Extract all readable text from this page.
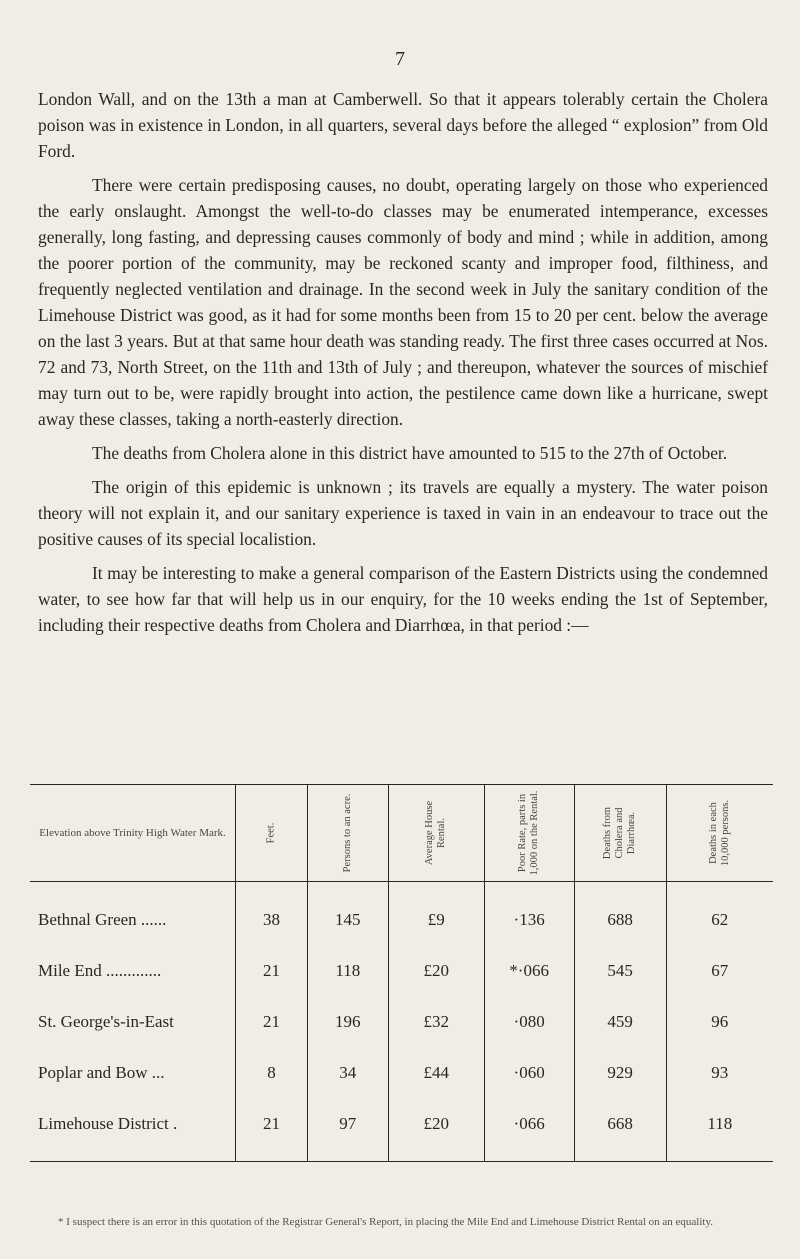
7

London Wall, and on the 13th a man at Camberwell. So that it appears tolerably certain the Cholera poison was in existence in London, in all quarters, several days before the alleged “ explosion” from Old Ford.

There were certain predisposing causes, no doubt, operating largely on those who experienced the early onslaught. Amongst the well-to-do classes may be enumerated intemperance, excesses generally, long fasting, and depressing causes commonly of body and mind ; while in addition, among the poorer portion of the community, may be reckoned scanty and improper food, filthiness, and frequently neglected ventilation and drainage. In the second week in July the sanitary condition of the Limehouse District was good, as it had for some months been from 15 to 20 per cent. below the average on the last 3 years. But at that same hour death was standing ready. The first three cases occurred at Nos. 72 and 73, North Street, on the 11th and 13th of July ; and thereupon, whatever the sources of mischief may turn out to be, were rapidly brought into action, the pestilence came down like a hurricane, swept away these classes, taking a north-easterly direction.

The deaths from Cholera alone in this district have amounted to 515 to the 27th of October.

The origin of this epidemic is unknown ; its travels are equally a mystery. The water poison theory will not explain it, and our sanitary experience is taxed in vain in an endeavour to trace out the positive causes of its special localistion.

It may be interesting to make a general comparison of the Eastern Districts using the condemned water, to see how far that will help us in our enquiry, for the 10 weeks ending the 1st of September, including their respective deaths from Cholera and Diarrhœa, in that period :—

Elevation above Trinity High Water Mark.	Feet.	Persons to an acre.	Average House Rental.	Poor Rate, parts in 1,000 on the Rental.	Deaths from Cholera and Diarrhœa.	Deaths in each 10,000 persons.

Bethnal Green ......	38	145	£9	·136	688	62
Mile End .............	21	118	£20	*·066	545	67
St. George's-in-East	21	196	£32	·080	459	96
Poplar and Bow ...	8	34	£44	·060	929	93
Limehouse District .	21	97	£20	·066	668	118

* I suspect there is an error in this quotation of the Registrar General's Report, in placing the Mile End and Limehouse District Rental on an equality.
